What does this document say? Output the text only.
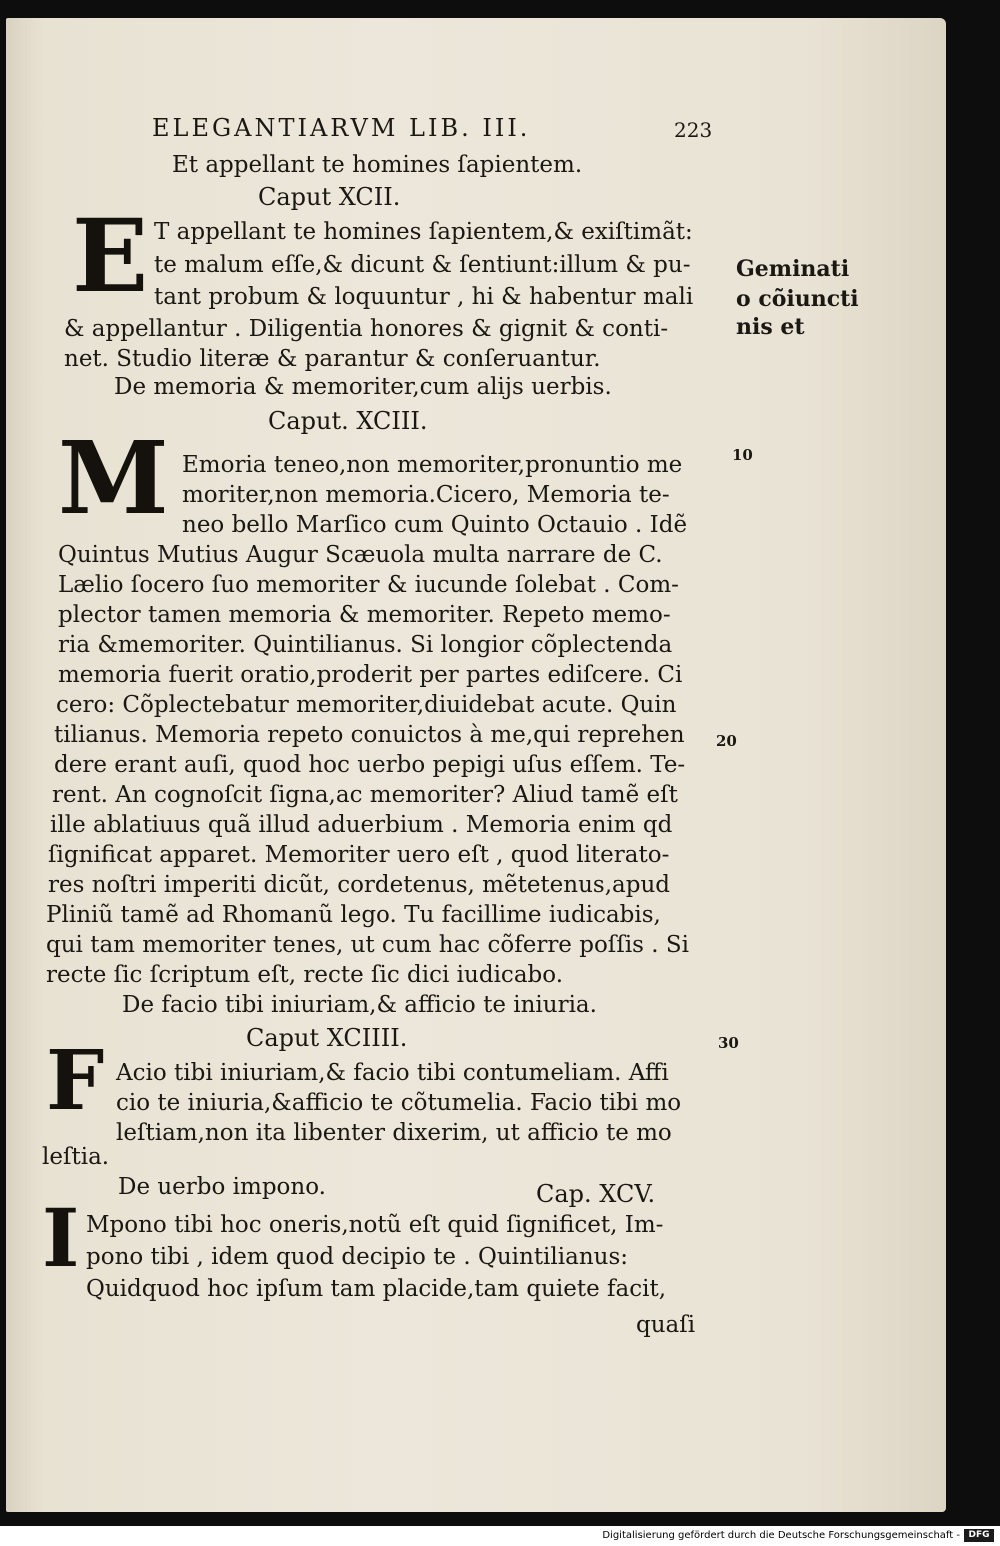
ELEGANTIARVM LIB. III.	223
Et appellant te homines ſapientem.
Caput XCII.
E T appellant te homines ſapientem,& exiſtimãt:
te malum eſſe,& dicunt & ſentiunt:illum & pu-
tant probum & loquuntur , hi & habentur mali
& appellantur . Diligentia honores & gignit & conti-
net. Studio literæ & parantur & conſeruantur.
Geminati
o cõiuncti
nis et
De memoria & memoriter,cum alijs uerbis.
Caput. XCIII.
M Emoria teneo,non memoriter,pronuntio me
moriter,non memoria.Cicero, Memoria te-
neo bello Marſico cum Quinto Octauio . Idẽ
Quintus Mutius Augur Scæuola multa narrare de C.
Lælio ſocero ſuo memoriter & iucunde ſolebat . Com-
plector tamen memoria & memoriter. Repeto memo-
ria &memoriter. Quintilianus. Si longior cõplectenda
memoria fuerit oratio,proderit per partes ediſcere. Ci
cero: Cõplectebatur memoriter,diuidebat acute. Quin
tilianus. Memoria repeto conuictos à me,qui reprehen
dere erant auſi, quod hoc uerbo pepigi uſus eſſem. Te-
rent. An cognoſcit ſigna,ac memoriter? Aliud tamẽ eſt
ille ablatiuus quã illud aduerbium . Memoria enim qd
ſignificat apparet. Memoriter uero eſt , quod literato-
res noſtri imperiti dicũt, cordetenus, mẽtetenus,apud
Pliniũ tamẽ ad Rhomanũ lego. Tu facillime iudicabis,
qui tam memoriter tenes, ut cum hac cõferre poſſis . Si
recte ſic ſcriptum eſt, recte ſic dici iudicabo.
10
20
30
De facio tibi iniuriam,& afficio te iniuria.
Caput XCIIII.
F Acio tibi iniuriam,& facio tibi contumeliam. Affi
cio te iniuria,&afficio te cõtumelia. Facio tibi mo
leſtiam,non ita libenter dixerim, ut afficio te mo
leſtia.
De uerbo impono.	Cap. XCV.
I Mpono tibi hoc oneris,notũ eſt quid ſignificet, Im-
pono tibi , idem quod decipio te . Quintilianus:
Quidquod hoc ipſum tam placide,tam quiete facit,
quaſi
Digitalisierung gefördert durch die Deutsche Forschungsgemeinschaft - DFG
